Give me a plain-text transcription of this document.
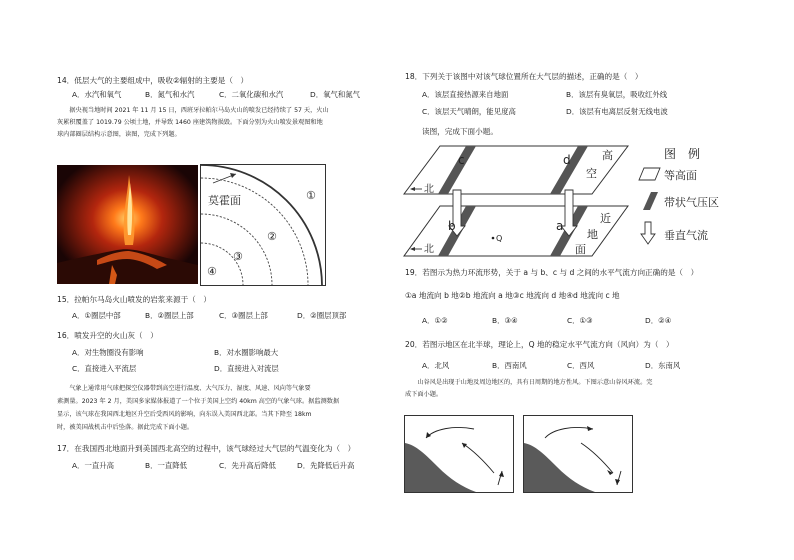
14．低层大气的主要组成中，吸收②辐射的主要是（　）
A．水汽和氧气	B．氮气和水汽	C．二氧化碳和水汽	D．氧气和氮气
　　据央视当地时间 2021 年 11 月 15 日，西班牙拉帕尔马岛火山的喷发已经持续了 57 天，火山
灰累积覆盖了 1019.79 公顷土地，并导致 1460 座建筑物损毁。下面分别为火山喷发景观图和地
球内部圈层结构示意图，读图，完成下列题。
莫霍面	①
②
③
④
15．拉帕尔马岛火山喷发的岩浆来源于（　）
A．①圈层中部	B．②圈层上部	C．③圈层上部	D．②圈层顶部
16．喷发升空的火山灰（　）
A．对生物圈没有影响	B．对水圈影响最大
C．直接进入平流层	D．直接进入对流层
　　气象上通常用气球把探空仪器带到高空进行温度、大气压力、湿度、风速、风向等气象要
素测量。2023 年 2 月，美国多家媒体报道了一个位于美国上空约 40km 高空的气象气球。据监测数据
显示，该气球在我国西北地区升空后受西风的影响，向东误入美国西北部。当其下降至 18km
时，被美国战机击中后坠落。据此完成下面小题。
17．在我国西北地面升到美国西北高空的过程中，该气球经过大气层的气温变化为（　）
A．一直升高	B．一直降低	C．先升高后降低	D．先降低后升高
18．下列关于该图中对该气球位置所在大气层的描述，正确的是（　）
A．该层直接热源来自地面	B．该层有臭氧层，吸收红外线
C．该层天气晴朗，能见度高	D．该层有电离层反射无线电波
读图，完成下面小题。
c	d
b	a
Q
北
北
高
空
近
地
面
图　例
等高面
带状气压区
垂直气流
19．若图示为热力环流形势，关于 a 与 b、c 与 d 之间的水平气流方向正确的是（　）
①a 地流向 b 地②b 地流向 a 地③c 地流向 d 地④d 地流向 c 地
A．①②	B．③④	C．①③	D．②④
20．若图示地区在北半球，理论上，Q 地的稳定水平气流方向（风向）为（　）
A．北风	B．西南风	C．西风	D．东南风
　　山谷风是出现于山地及周边地区的，具有日周期的地方性风。下图示意山谷风环流。完
成下面小题。
